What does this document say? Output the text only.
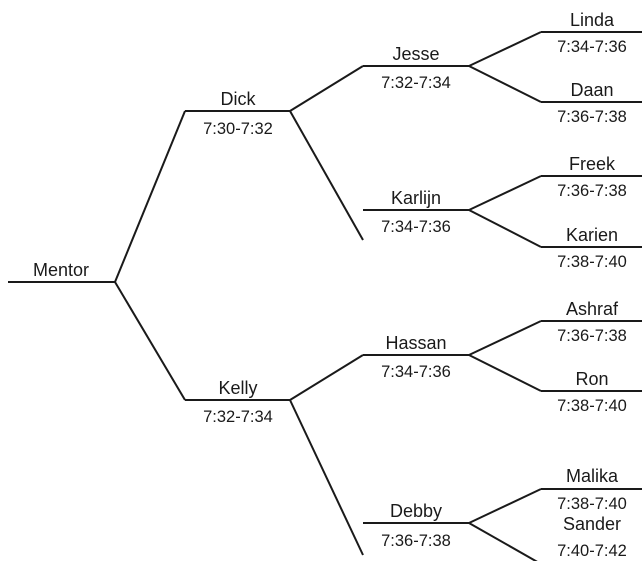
Mentor
Dick
7:30-7:32
Kelly
7:32-7:34
Jesse
7:32-7:34
Karlijn
7:34-7:36
Hassan
7:34-7:36
Debby
7:36-7:38
Linda
7:34-7:36
Daan
7:36-7:38
Freek
7:36-7:38
Karien
7:38-7:40
Ashraf
7:36-7:38
Ron
7:38-7:40
Malika
7:38-7:40
Sander
7:40-7:42
